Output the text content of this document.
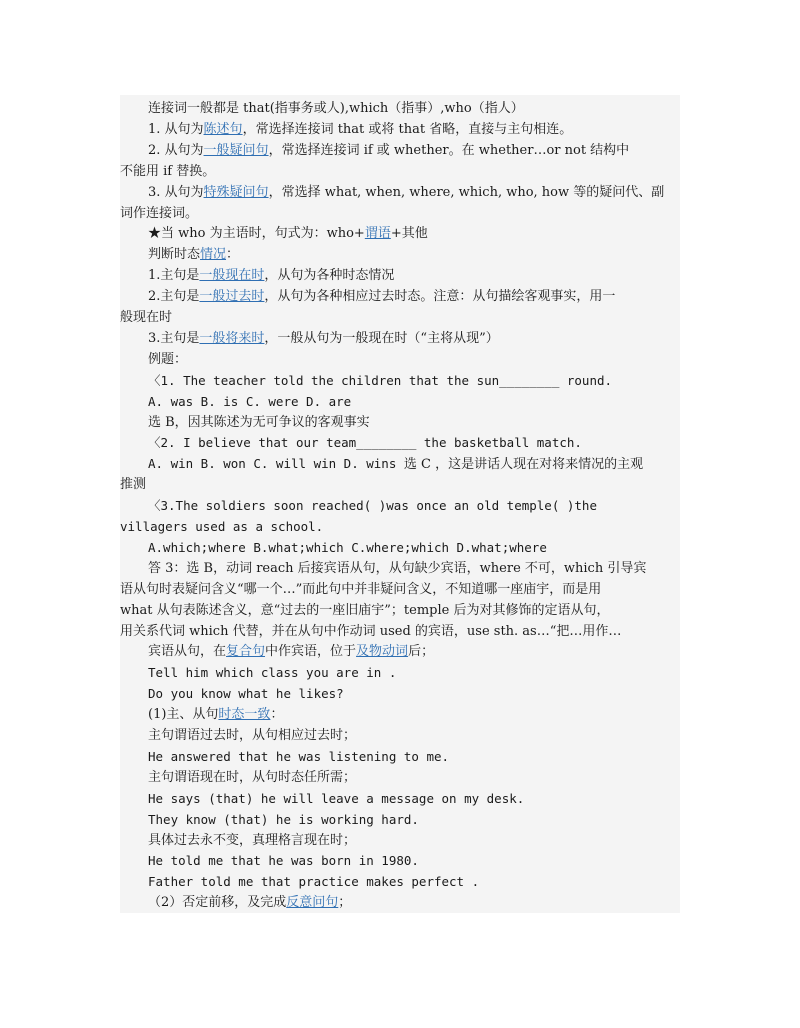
连接词一般都是 that(指事务或人),which（指事）,who（指人）
1. 从句为陈述句，常选择连接词 that 或将 that 省略，直接与主句相连。
2. 从句为一般疑问句，常选择连接词 if 或 whether。在 whether…or not 结构中
不能用 if 替换。
3. 从句为特殊疑问句，常选择 what, when, where, which, who, how 等的疑问代、副
词作连接词。
★当 who 为主语时，句式为：who+谓语+其他
判断时态情况：
1.主句是一般现在时，从句为各种时态情况
2.主句是一般过去时，从句为各种相应过去时态。注意：从句描绘客观事实，用一
般现在时
3.主句是一般将来时，一般从句为一般现在时（“主将从现”）
例题：
〈1. The teacher told the children that the sun________ round.
A. was B. is C. were D. are
选 B，因其陈述为无可争议的客观事实
〈2. I believe that our team________ the basketball match.
A. win B. won C. will win D. wins 选 C ，这是讲话人现在对将来情况的主观
推测
〈3.The soldiers soon reached( )was once an old temple( )the
villagers used as a school.
A.which;where B.what;which C.where;which D.what;where
答 3：选 B，动词 reach 后接宾语从句，从句缺少宾语，where 不可，which 引导宾
语从句时表疑问含义“哪一个…”而此句中并非疑问含义，不知道哪一座庙宇，而是用
what 从句表陈述含义，意“过去的一座旧庙宇”；temple 后为对其修饰的定语从句，
用关系代词 which 代替，并在从句中作动词 used 的宾语，use sth. as…“把…用作…
宾语从句，在复合句中作宾语，位于及物动词后；
Tell him which class you are in .
Do you know what he likes?
(1)主、从句时态一致：
主句谓语过去时，从句相应过去时；
He answered that he was listening to me.
主句谓语现在时，从句时态任所需；
He says (that) he will leave a message on my desk.
They know (that) he is working hard.
具体过去永不变，真理格言现在时；
He told me that he was born in 1980.
Father told me that practice makes perfect .
（2）否定前移，及完成反意问句；
